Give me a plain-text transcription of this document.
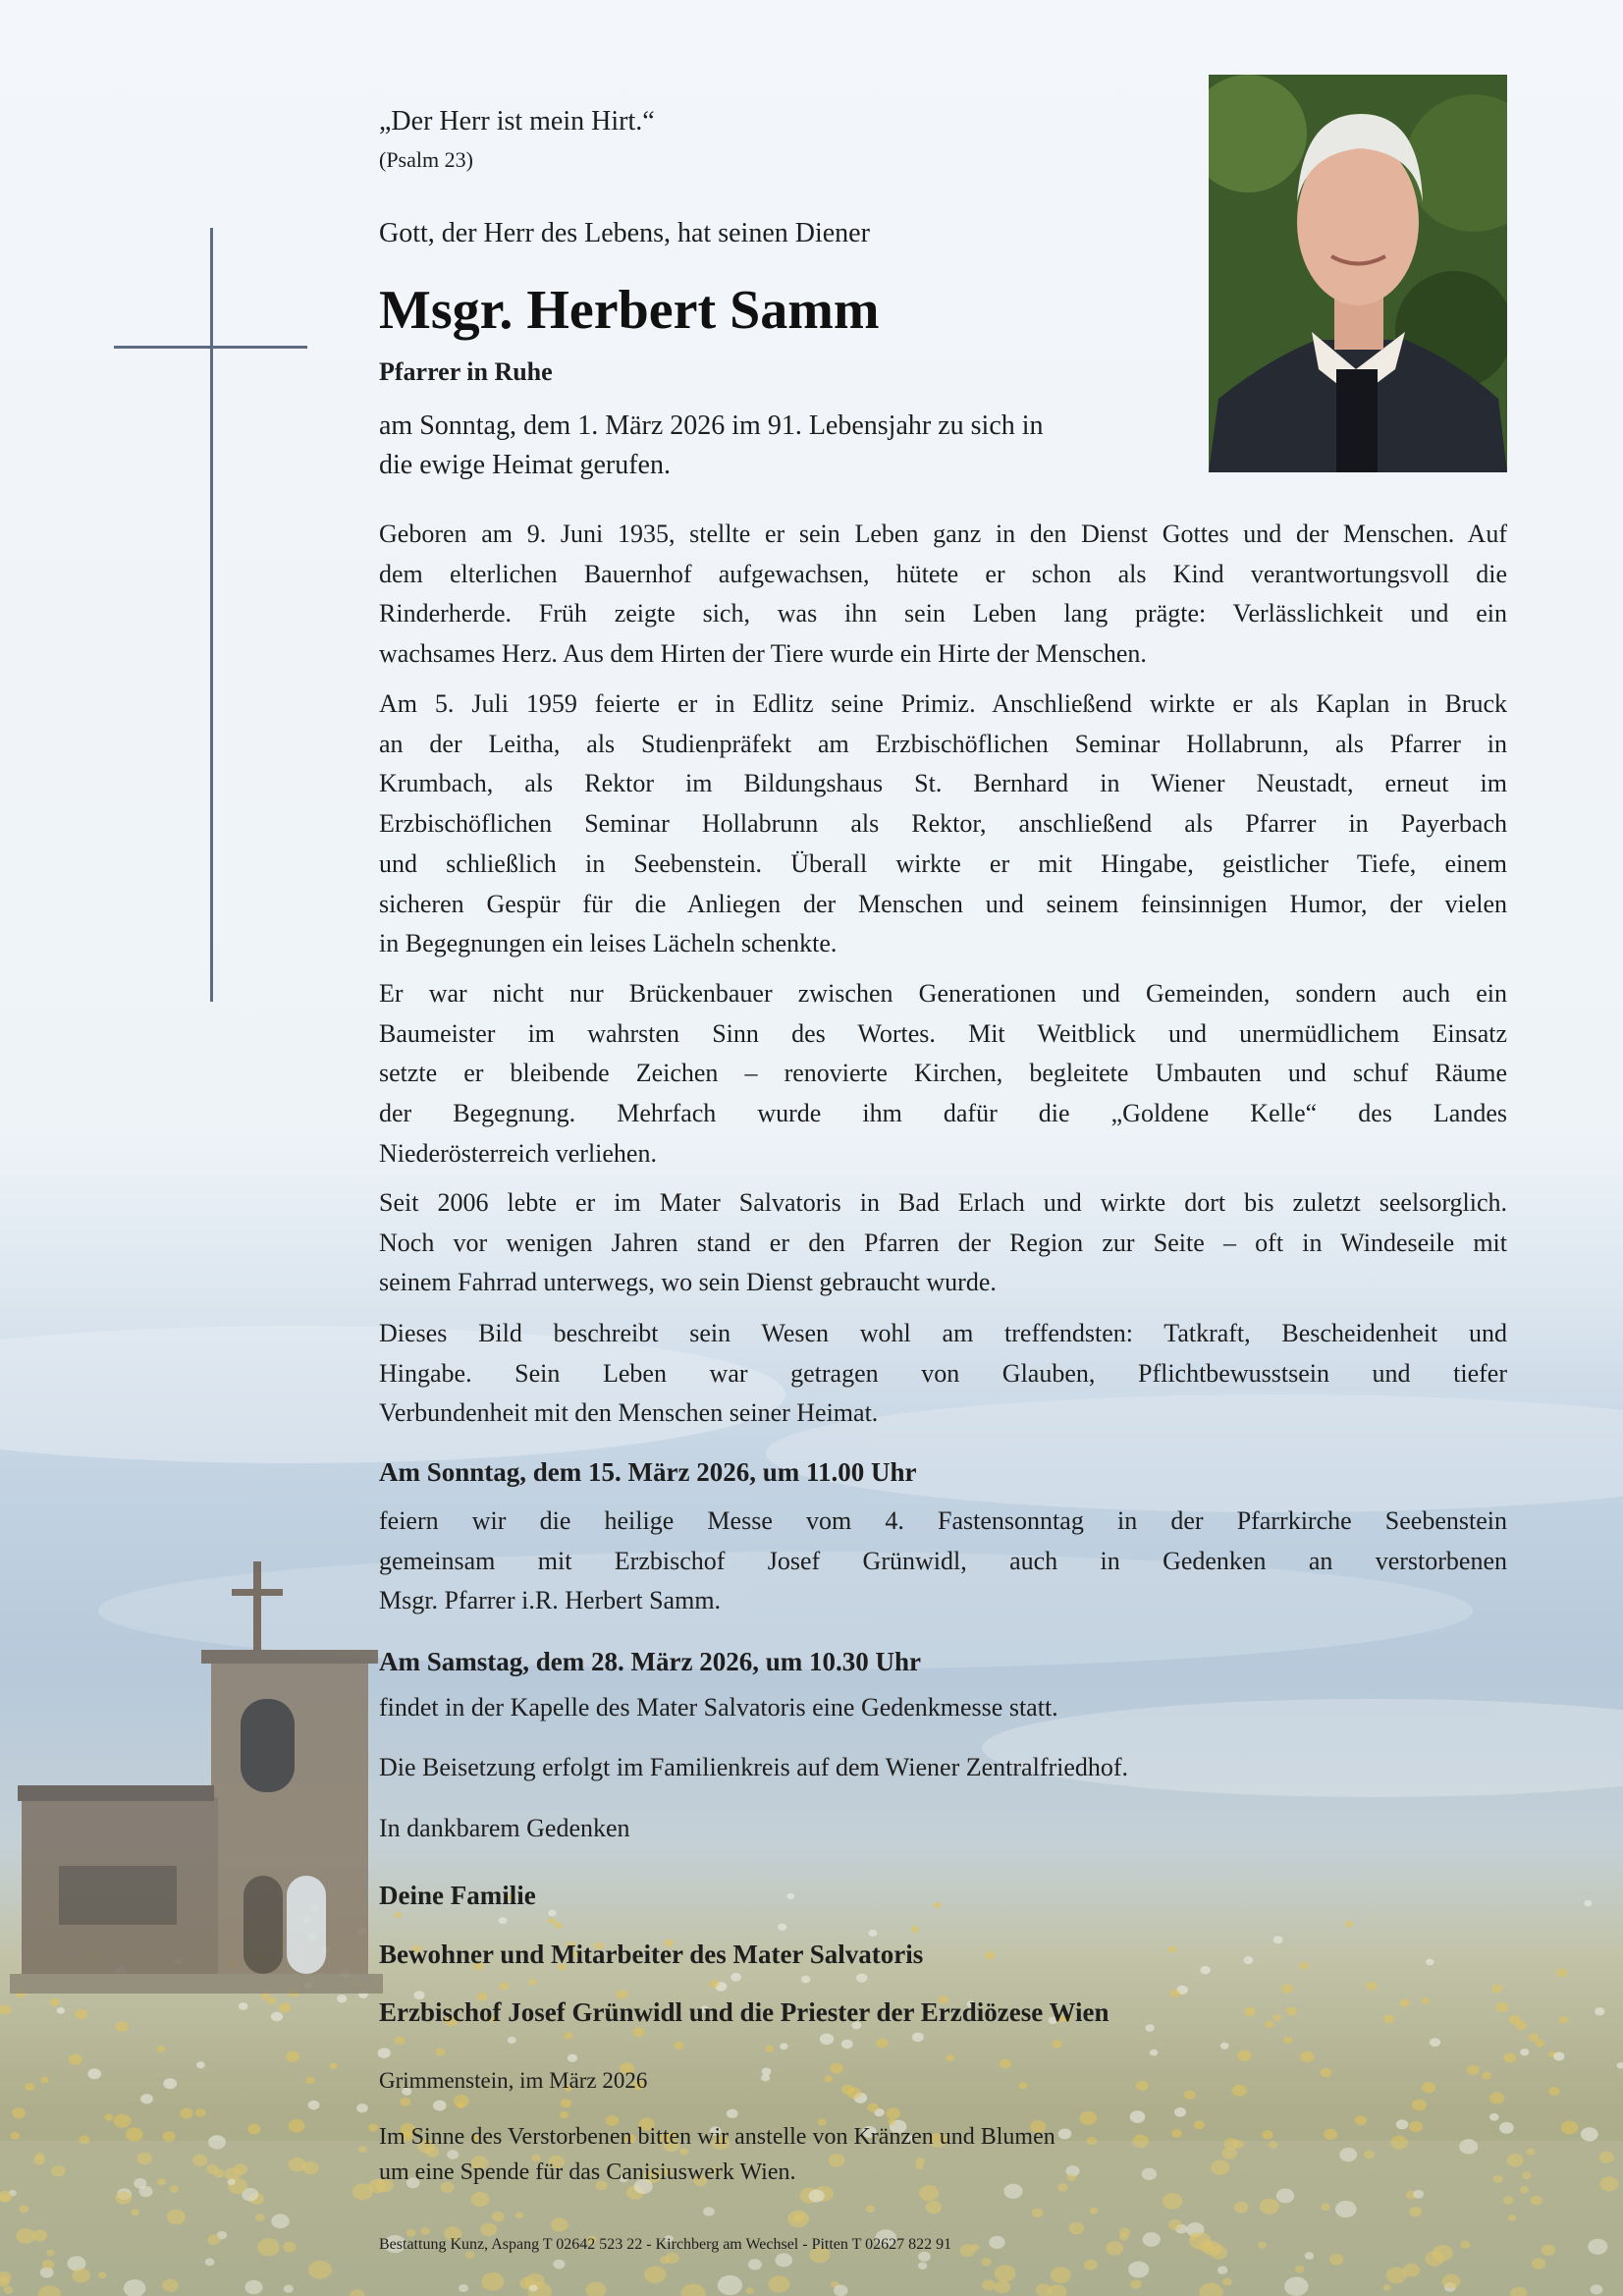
„Der Herr ist mein Hirt.“
(Psalm 23)
Gott, der Herr des Lebens, hat seinen Diener
Msgr. Herbert Samm
Pfarrer in Ruhe
am Sonntag, dem 1. März 2026 im 91. Lebensjahr zu sich in
die ewige Heimat gerufen.
Geboren am 9. Juni 1935, stellte er sein Leben ganz in den Dienst Gottes und der Menschen. Auf
dem elterlichen Bauernhof aufgewachsen, hütete er schon als Kind verantwortungsvoll die
Rinderherde. Früh zeigte sich, was ihn sein Leben lang prägte: Verlässlichkeit und ein
wachsames Herz. Aus dem Hirten der Tiere wurde ein Hirte der Menschen.
Am 5. Juli 1959 feierte er in Edlitz seine Primiz. Anschließend wirkte er als Kaplan in Bruck
an der Leitha, als Studienpräfekt am Erzbischöflichen Seminar Hollabrunn, als Pfarrer in
Krumbach, als Rektor im Bildungshaus St. Bernhard in Wiener Neustadt, erneut im
Erzbischöflichen Seminar Hollabrunn als Rektor, anschließend als Pfarrer in Payerbach
und schließlich in Seebenstein. Überall wirkte er mit Hingabe, geistlicher Tiefe, einem
sicheren Gespür für die Anliegen der Menschen und seinem feinsinnigen Humor, der vielen
in Begegnungen ein leises Lächeln schenkte.
Er war nicht nur Brückenbauer zwischen Generationen und Gemeinden, sondern auch ein
Baumeister im wahrsten Sinn des Wortes. Mit Weitblick und unermüdlichem Einsatz
setzte er bleibende Zeichen – renovierte Kirchen, begleitete Umbauten und schuf Räume
der Begegnung. Mehrfach wurde ihm dafür die „Goldene Kelle“ des Landes
Niederösterreich verliehen.
Seit 2006 lebte er im Mater Salvatoris in Bad Erlach und wirkte dort bis zuletzt seelsorglich.
Noch vor wenigen Jahren stand er den Pfarren der Region zur Seite – oft in Windeseile mit
seinem Fahrrad unterwegs, wo sein Dienst gebraucht wurde.
Dieses Bild beschreibt sein Wesen wohl am treffendsten: Tatkraft, Bescheidenheit und
Hingabe. Sein Leben war getragen von Glauben, Pflichtbewusstsein und tiefer
Verbundenheit mit den Menschen seiner Heimat.
Am Sonntag, dem 15. März 2026, um 11.00 Uhr
feiern wir die heilige Messe vom 4. Fastensonntag in der Pfarrkirche Seebenstein
gemeinsam mit Erzbischof Josef Grünwidl, auch in Gedenken an verstorbenen
Msgr. Pfarrer i.R. Herbert Samm.
Am Samstag, dem 28. März 2026, um 10.30 Uhr
findet in der Kapelle des Mater Salvatoris eine Gedenkmesse statt.
Die Beisetzung erfolgt im Familienkreis auf dem Wiener Zentralfriedhof.
In dankbarem Gedenken
Deine Familie
Bewohner und Mitarbeiter des Mater Salvatoris
Erzbischof Josef Grünwidl und die Priester der Erzdiözese Wien
Grimmenstein, im März 2026
Im Sinne des Verstorbenen bitten wir anstelle von Kränzen und Blumen
um eine Spende für das Canisiuswerk Wien.
Bestattung Kunz, Aspang T 02642 523 22 - Kirchberg am Wechsel - Pitten T 02627 822 91
